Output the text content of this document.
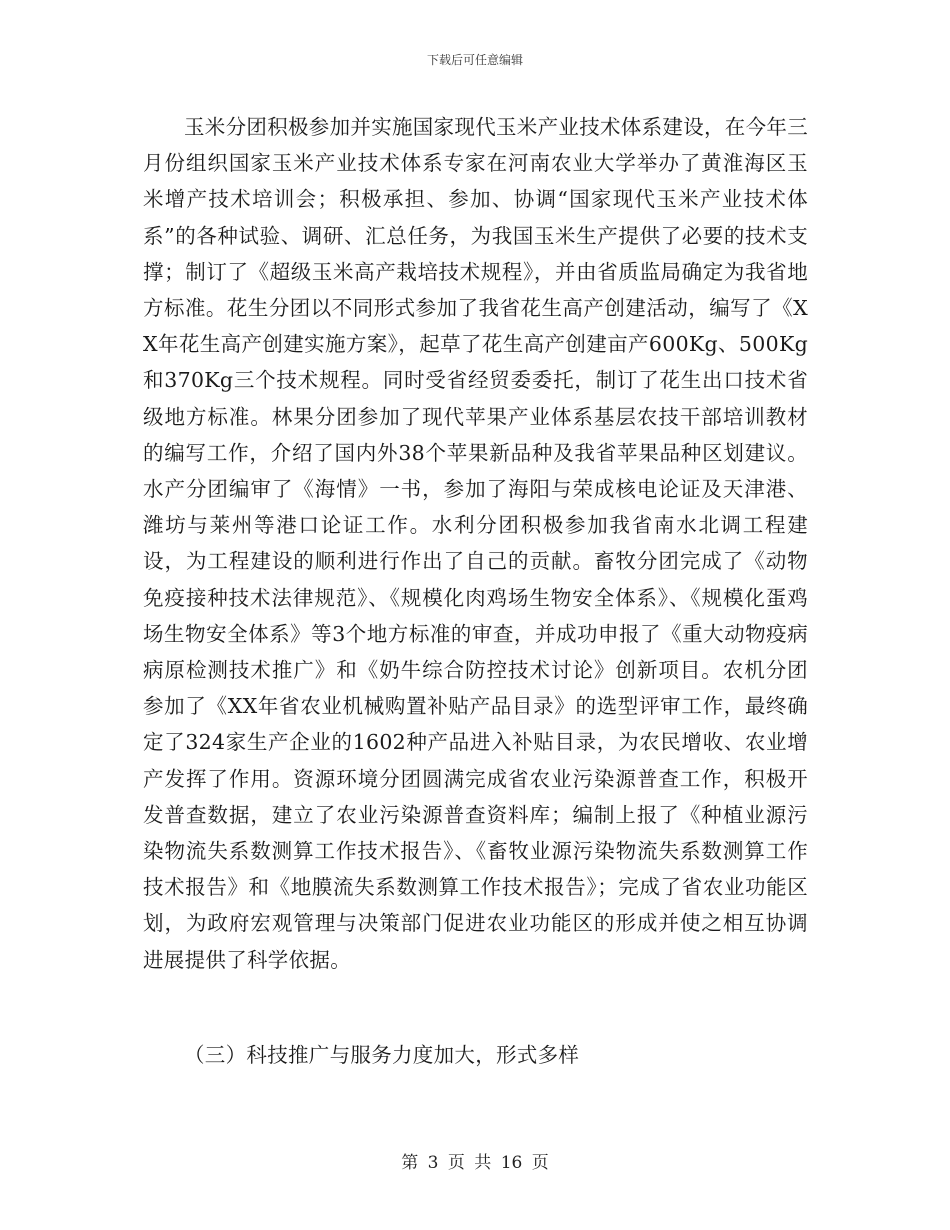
下载后可任意编辑

玉米分团积极参加并实施国家现代玉米产业技术体系建设，在今年三月份组织国家玉米产业技术体系专家在河南农业大学举办了黄淮海区玉米增产技术培训会；积极承担、参加、协调“国家现代玉米产业技术体系”的各种试验、调研、汇总任务，为我国玉米生产提供了必要的技术支撑；制订了《超级玉米高产栽培技术规程》，并由省质监局确定为我省地方标准。花生分团以不同形式参加了我省花生高产创建活动，编写了《XX年花生高产创建实施方案》，起草了花生高产创建亩产600Kg、500Kg和370Kg三个技术规程。同时受省经贸委委托，制订了花生出口技术省级地方标准。林果分团参加了现代苹果产业体系基层农技干部培训教材的编写工作，介绍了国内外38个苹果新品种及我省苹果品种区划建议。水产分团编审了《海情》一书，参加了海阳与荣成核电论证及天津港、潍坊与莱州等港口论证工作。水利分团积极参加我省南水北调工程建设，为工程建设的顺利进行作出了自己的贡献。畜牧分团完成了《动物免疫接种技术法律规范》、《规模化肉鸡场生物安全体系》、《规模化蛋鸡场生物安全体系》等3个地方标准的审查，并成功申报了《重大动物疫病病原检测技术推广》和《奶牛综合防控技术讨论》创新项目。农机分团参加了《XX年省农业机械购置补贴产品目录》的选型评审工作，最终确定了324家生产企业的1602种产品进入补贴目录，为农民增收、农业增产发挥了作用。资源环境分团圆满完成省农业污染源普查工作，积极开发普查数据，建立了农业污染源普查资料库；编制上报了《种植业源污染物流失系数测算工作技术报告》、《畜牧业源污染物流失系数测算工作技术报告》和《地膜流失系数测算工作技术报告》；完成了省农业功能区划，为政府宏观管理与决策部门促进农业功能区的形成并使之相互协调进展提供了科学依据。

（三）科技推广与服务力度加大，形式多样

第 3 页 共 16 页
